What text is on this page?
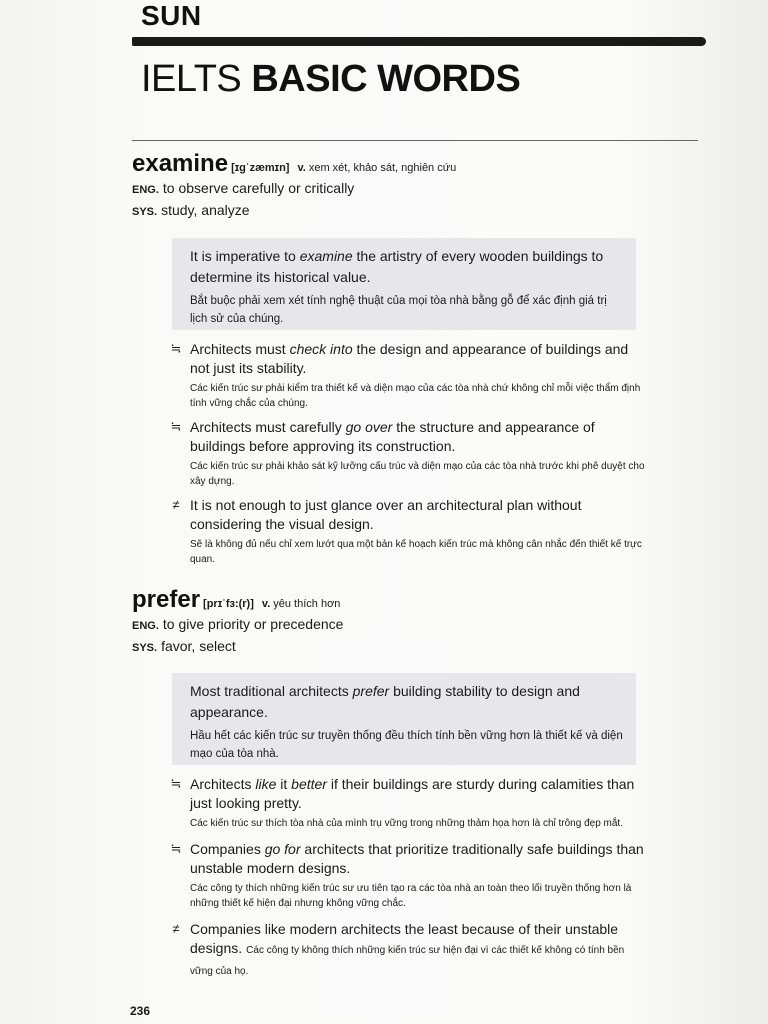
SUN
IELTS BASIC WORDS
examine [ɪgˈzæmɪn] v. xem xét, khảo sát, nghiên cứu
ENG. to observe carefully or critically
SYS. study, analyze
It is imperative to examine the artistry of every wooden buildings to determine its historical value.
Bắt buộc phải xem xét tính nghệ thuật của mọi tòa nhà bằng gỗ để xác định giá trị lịch sử của chúng.
≒ Architects must check into the design and appearance of buildings and not just its stability.
Các kiến trúc sư phải kiểm tra thiết kế và diện mạo của các tòa nhà chứ không chỉ mỗi việc thẩm định tính vững chắc của chúng.
≒ Architects must carefully go over the structure and appearance of buildings before approving its construction.
Các kiến trúc sư phải khảo sát kỹ lưỡng cấu trúc và diện mạo của các tòa nhà trước khi phê duyệt cho xây dựng.
≠ It is not enough to just glance over an architectural plan without considering the visual design.
Sẽ là không đủ nếu chỉ xem lướt qua một bản kế hoạch kiến trúc mà không cân nhắc đến thiết kế trực quan.
prefer [prɪˈfɜ:(r)] v. yêu thích hơn
ENG. to give priority or precedence
SYS. favor, select
Most traditional architects prefer building stability to design and appearance.
Hầu hết các kiến trúc sư truyền thống đều thích tính bền vững hơn là thiết kế và diện mạo của tòa nhà.
≒ Architects like it better if their buildings are sturdy during calamities than just looking pretty.
Các kiến trúc sư thích tòa nhà của mình trụ vững trong những thảm họa hơn là chỉ trông đẹp mắt.
≒ Companies go for architects that prioritize traditionally safe buildings than unstable modern designs.
Các công ty thích những kiến trúc sư ưu tiên tạo ra các tòa nhà an toàn theo lối truyền thống hơn là những thiết kế hiện đại nhưng không vững chắc.
≠ Companies like modern architects the least because of their unstable designs. Các công ty không thích những kiến trúc sư hiện đại vì các thiết kế không có tính bền vững của họ.
236
